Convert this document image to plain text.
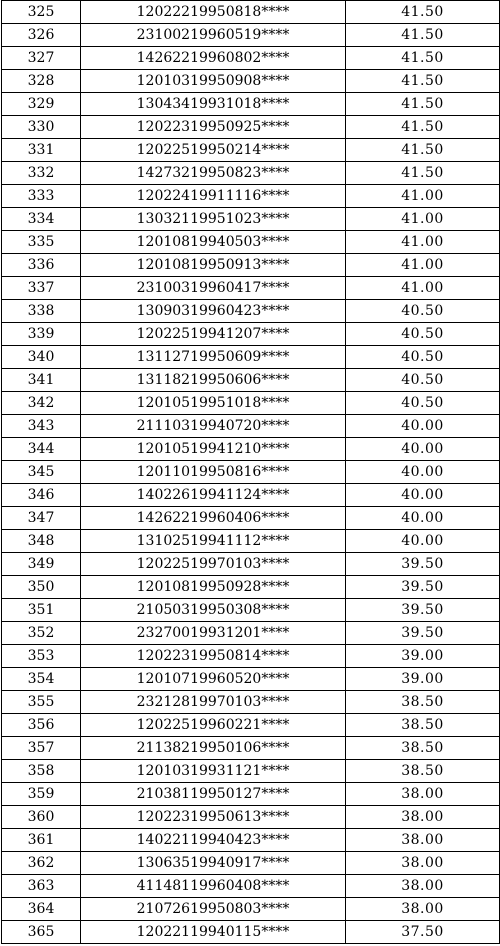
325	12022219950818****	41.50
326	23100219960519****	41.50
327	14262219960802****	41.50
328	12010319950908****	41.50
329	13043419931018****	41.50
330	12022319950925****	41.50
331	12022519950214****	41.50
332	14273219950823****	41.50
333	12022419911116****	41.00
334	13032119951023****	41.00
335	12010819940503****	41.00
336	12010819950913****	41.00
337	23100319960417****	41.00
338	13090319960423****	40.50
339	12022519941207****	40.50
340	13112719950609****	40.50
341	13118219950606****	40.50
342	12010519951018****	40.50
343	21110319940720****	40.00
344	12010519941210****	40.00
345	12011019950816****	40.00
346	14022619941124****	40.00
347	14262219960406****	40.00
348	13102519941112****	40.00
349	12022519970103****	39.50
350	12010819950928****	39.50
351	21050319950308****	39.50
352	23270019931201****	39.50
353	12022319950814****	39.00
354	12010719960520****	39.00
355	23212819970103****	38.50
356	12022519960221****	38.50
357	21138219950106****	38.50
358	12010319931121****	38.50
359	21038119950127****	38.00
360	12022319950613****	38.00
361	14022119940423****	38.00
362	13063519940917****	38.00
363	41148119960408****	38.00
364	21072619950803****	38.00
365	12022119940115****	37.50
